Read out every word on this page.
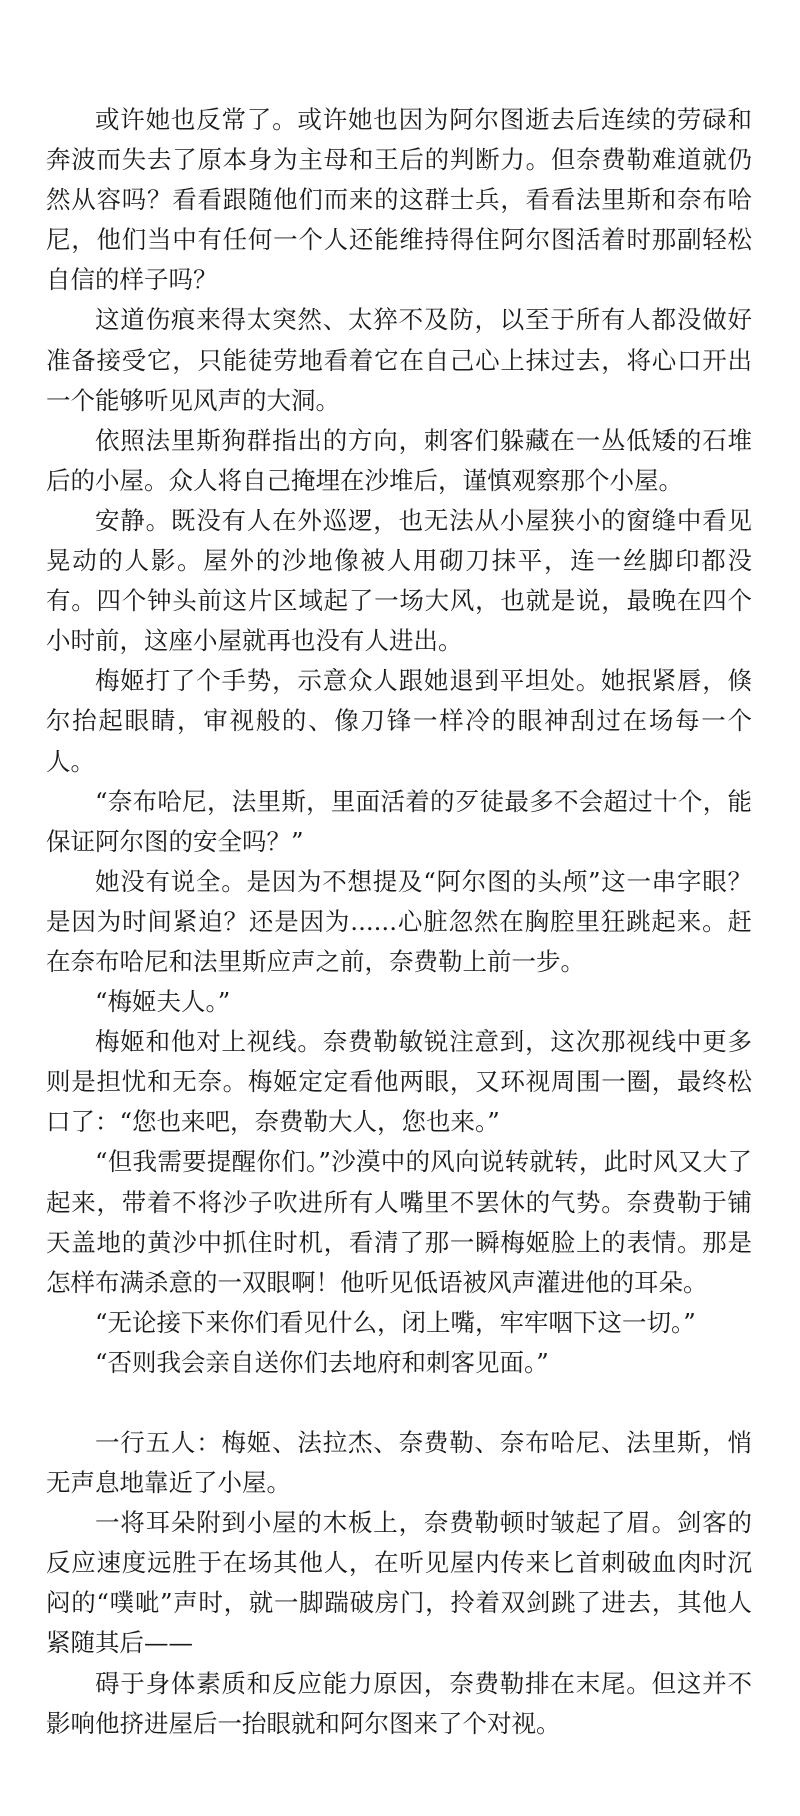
或许她也反常了。或许她也因为阿尔图逝去后连续的劳碌和奔波而失去了原本身为主母和王后的判断力。但奈费勒难道就仍然从容吗？看看跟随他们而来的这群士兵，看看法里斯和奈布哈尼，他们当中有任何一个人还能维持得住阿尔图活着时那副轻松自信的样子吗？

这道伤痕来得太突然、太猝不及防，以至于所有人都没做好准备接受它，只能徒劳地看着它在自己心上抹过去，将心口开出一个能够听见风声的大洞。

依照法里斯狗群指出的方向，刺客们躲藏在一丛低矮的石堆后的小屋。众人将自己掩埋在沙堆后，谨慎观察那个小屋。

安静。既没有人在外巡逻，也无法从小屋狭小的窗缝中看见晃动的人影。屋外的沙地像被人用砌刀抹平，连一丝脚印都没有。四个钟头前这片区域起了一场大风，也就是说，最晚在四个小时前，这座小屋就再也没有人进出。

梅姬打了个手势，示意众人跟她退到平坦处。她抿紧唇，倏尔抬起眼睛，审视般的、像刀锋一样冷的眼神刮过在场每一个人。

“奈布哈尼，法里斯，里面活着的歹徒最多不会超过十个，能保证阿尔图的安全吗？”

她没有说全。是因为不想提及“阿尔图的头颅”这一串字眼？是因为时间紧迫？还是因为......心脏忽然在胸腔里狂跳起来。赶在奈布哈尼和法里斯应声之前，奈费勒上前一步。

“梅姬夫人。”

梅姬和他对上视线。奈费勒敏锐注意到，这次那视线中更多则是担忧和无奈。梅姬定定看他两眼，又环视周围一圈，最终松口了：“您也来吧，奈费勒大人，您也来。”

“但我需要提醒你们。”沙漠中的风向说转就转，此时风又大了起来，带着不将沙子吹进所有人嘴里不罢休的气势。奈费勒于铺天盖地的黄沙中抓住时机，看清了那一瞬梅姬脸上的表情。那是怎样布满杀意的一双眼啊！他听见低语被风声灌进他的耳朵。

“无论接下来你们看见什么，闭上嘴，牢牢咽下这一切。”

“否则我会亲自送你们去地府和刺客见面。”

一行五人：梅姬、法拉杰、奈费勒、奈布哈尼、法里斯，悄无声息地靠近了小屋。

一将耳朵附到小屋的木板上，奈费勒顿时皱起了眉。剑客的反应速度远胜于在场其他人，在听见屋内传来匕首刺破血肉时沉闷的“噗呲”声时，就一脚踹破房门，拎着双剑跳了进去，其他人紧随其后——

碍于身体素质和反应能力原因，奈费勒排在末尾。但这并不影响他挤进屋后一抬眼就和阿尔图来了个对视。
